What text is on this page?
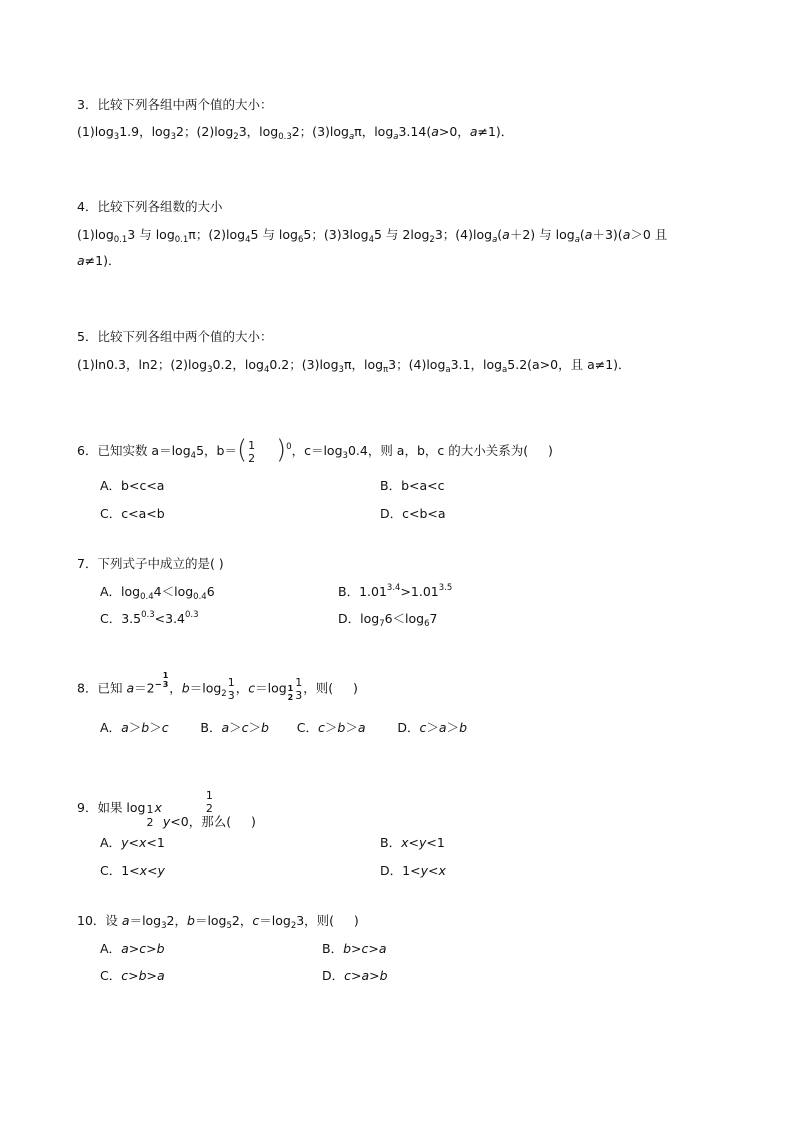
3．比较下列各组中两个值的大小：
$(1)\log_31.9$，$\log_32$；$(2)\log_23$，$\log_{0.3}2$；$(3)\log_a\pi$，$\log_a3.14(a>0$，a≠1)．
4．比较下列各组数的大小
$(1)\log_{0.1}3$ 与 $\log_{0.1}\pi$；$(2)\log_45$ 与 $\log_65$；$(3)3\log_45$ 与 $2\log_23$；$(4)\log_a(a+2)$ 与 $\log_a(a+3)(a>0$ 且
a≠1)．
5．比较下列各组中两个值的大小：
(1)ln0.3，ln2；$(2)\log_30.2$，$\log_40.2$；$(3)\log_3\pi$，$\log_\pi 3$；$(4)\log_a3.1$，$\log_a5.2(a>0$，且 a≠1)．
6．已知实数 $a=\log_45$，b＝( 1
2 )$^0$，$c=\log_30.4$，则 a，b，c 的大小关系为(     )
A．b<c<a	B．b<a<c
C．c<a<b	D．c<b<a
7．下列式子中成立的是( )
A．$\log_{0.4}4<\log_{0.4}6$	B．$1.01^{3.4}>1.01^{3.5}$
C．$3.5^{0.3}<3.4^{0.3}$	D．$\log_76<\log_67$
8．已知 $a=2^{- 1 3}$ ，$b=\log_2$
1
3 ，c＝log $_{1 2}$
1
3 ，则(     )
A．a＞b＞c	B．a＞c＞b C．c＞b＞a	D．c＞a＞b
9．如果 log 1
2
x
1
2
y<0，那么(     )
A．y<x<1	B．x<y<1
C．1<x<y	D．1<y<x
10．设 $a=\log_32$，$b=\log_52$，$c=\log_23$，则(     )
A．a>c>b	B．b>c>a
C．c>b>a	D．c>a>b
